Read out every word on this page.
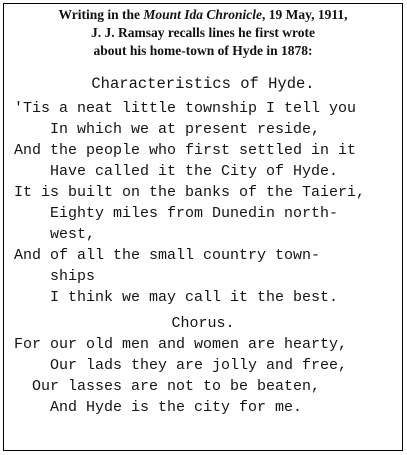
Writing in the Mount Ida Chronicle, 19 May, 1911,
J. J. Ramsay recalls lines he first wrote
about his home-town of Hyde in 1878:
Characteristics of Hyde.
'Tis a neat little township I tell you
In which we at present reside,
And the people who first settled in it
Have called it the City of Hyde.
It is built on the banks of the Taieri,
Eighty miles from Dunedin north-
west,
And of all the small country town-
ships
I think we may call it the best.
Chorus.
For our old men and women are hearty,
Our lads they are jolly and free,
Our lasses are not to be beaten,
And Hyde is the city for me.
